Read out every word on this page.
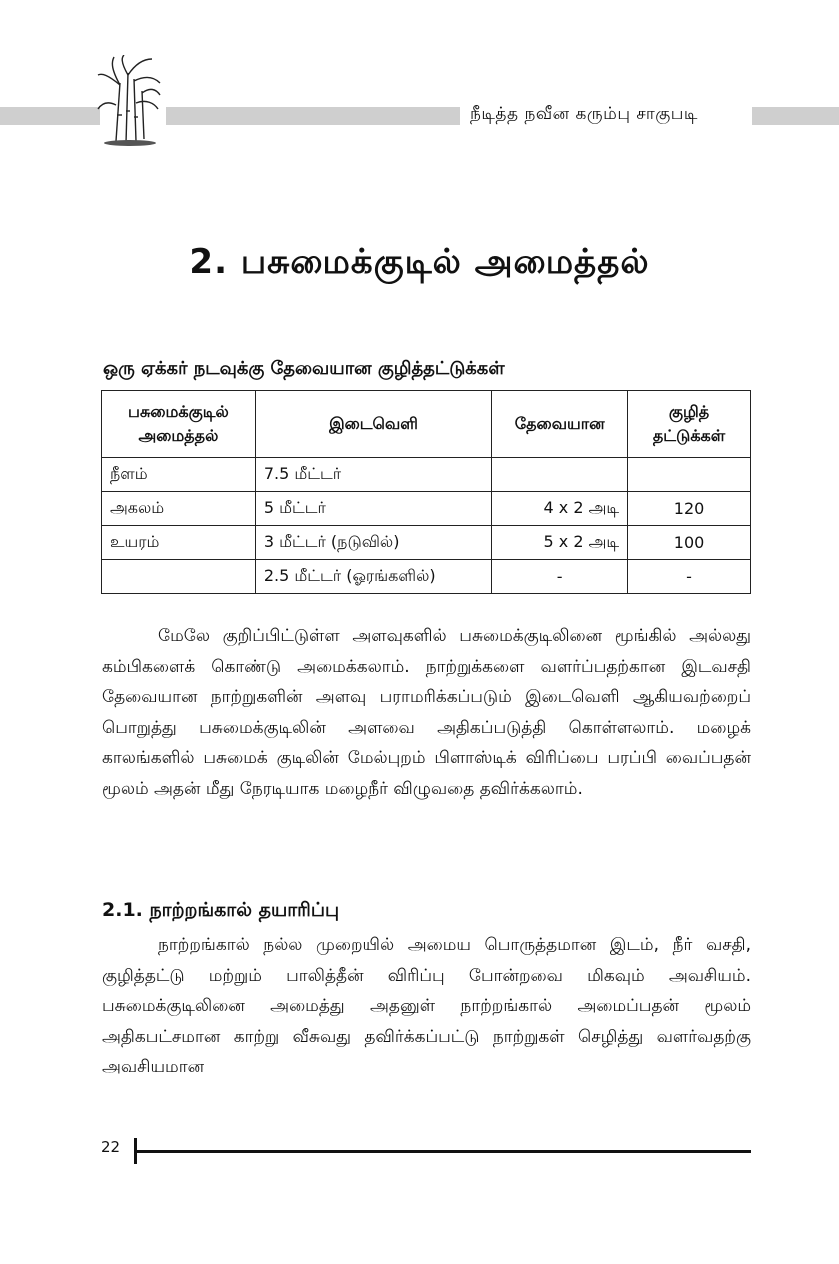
நீடித்த நவீன கரும்பு சாகுபடி
2. பசுமைக்குடில் அமைத்தல்
ஒரு ஏக்கர் நடவுக்கு தேவையான குழித்தட்டுக்கள்
பசுமைக்குடில் அமைத்தல்	இடைவெளி	தேவையான	குழித் தட்டுக்கள்
நீளம்	7.5 மீட்டர்		
அகலம்	5 மீட்டர்	4 x 2 அடி	120
உயரம்	3 மீட்டர் (நடுவில்)	5 x 2 அடி	100
	2.5 மீட்டர் (ஓரங்களில்)	-	-
மேலே குறிப்பிட்டுள்ள அளவுகளில் பசுமைக்குடிலினை மூங்கில் அல்லது கம்பிகளைக் கொண்டு அமைக்கலாம். நாற்றுக்களை வளர்ப்பதற்கான இடவசதி தேவையான நாற்றுகளின் அளவு பராமரிக்கப்படும் இடைவெளி ஆகியவற்றைப் பொறுத்து பசுமைக்குடிலின் அளவை அதிகப்படுத்தி கொள்ளலாம். மழைக் காலங்களில் பசுமைக் குடிலின் மேல்புறம் பிளாஸ்டிக் விரிப்பை பரப்பி வைப்பதன் மூலம் அதன் மீது நேரடியாக மழைநீர் விழுவதை தவிர்க்கலாம்.
2.1. நாற்றங்கால் தயாரிப்பு
நாற்றங்கால் நல்ல முறையில் அமைய பொருத்தமான இடம், நீர் வசதி, குழித்தட்டு மற்றும் பாலித்தீன் விரிப்பு போன்றவை மிகவும் அவசியம். பசுமைக்குடிலினை அமைத்து அதனுள் நாற்றங்கால் அமைப்பதன் மூலம் அதிகபட்சமான காற்று வீசுவது தவிர்க்கப்பட்டு நாற்றுகள் செழித்து வளர்வதற்கு அவசியமான
22
